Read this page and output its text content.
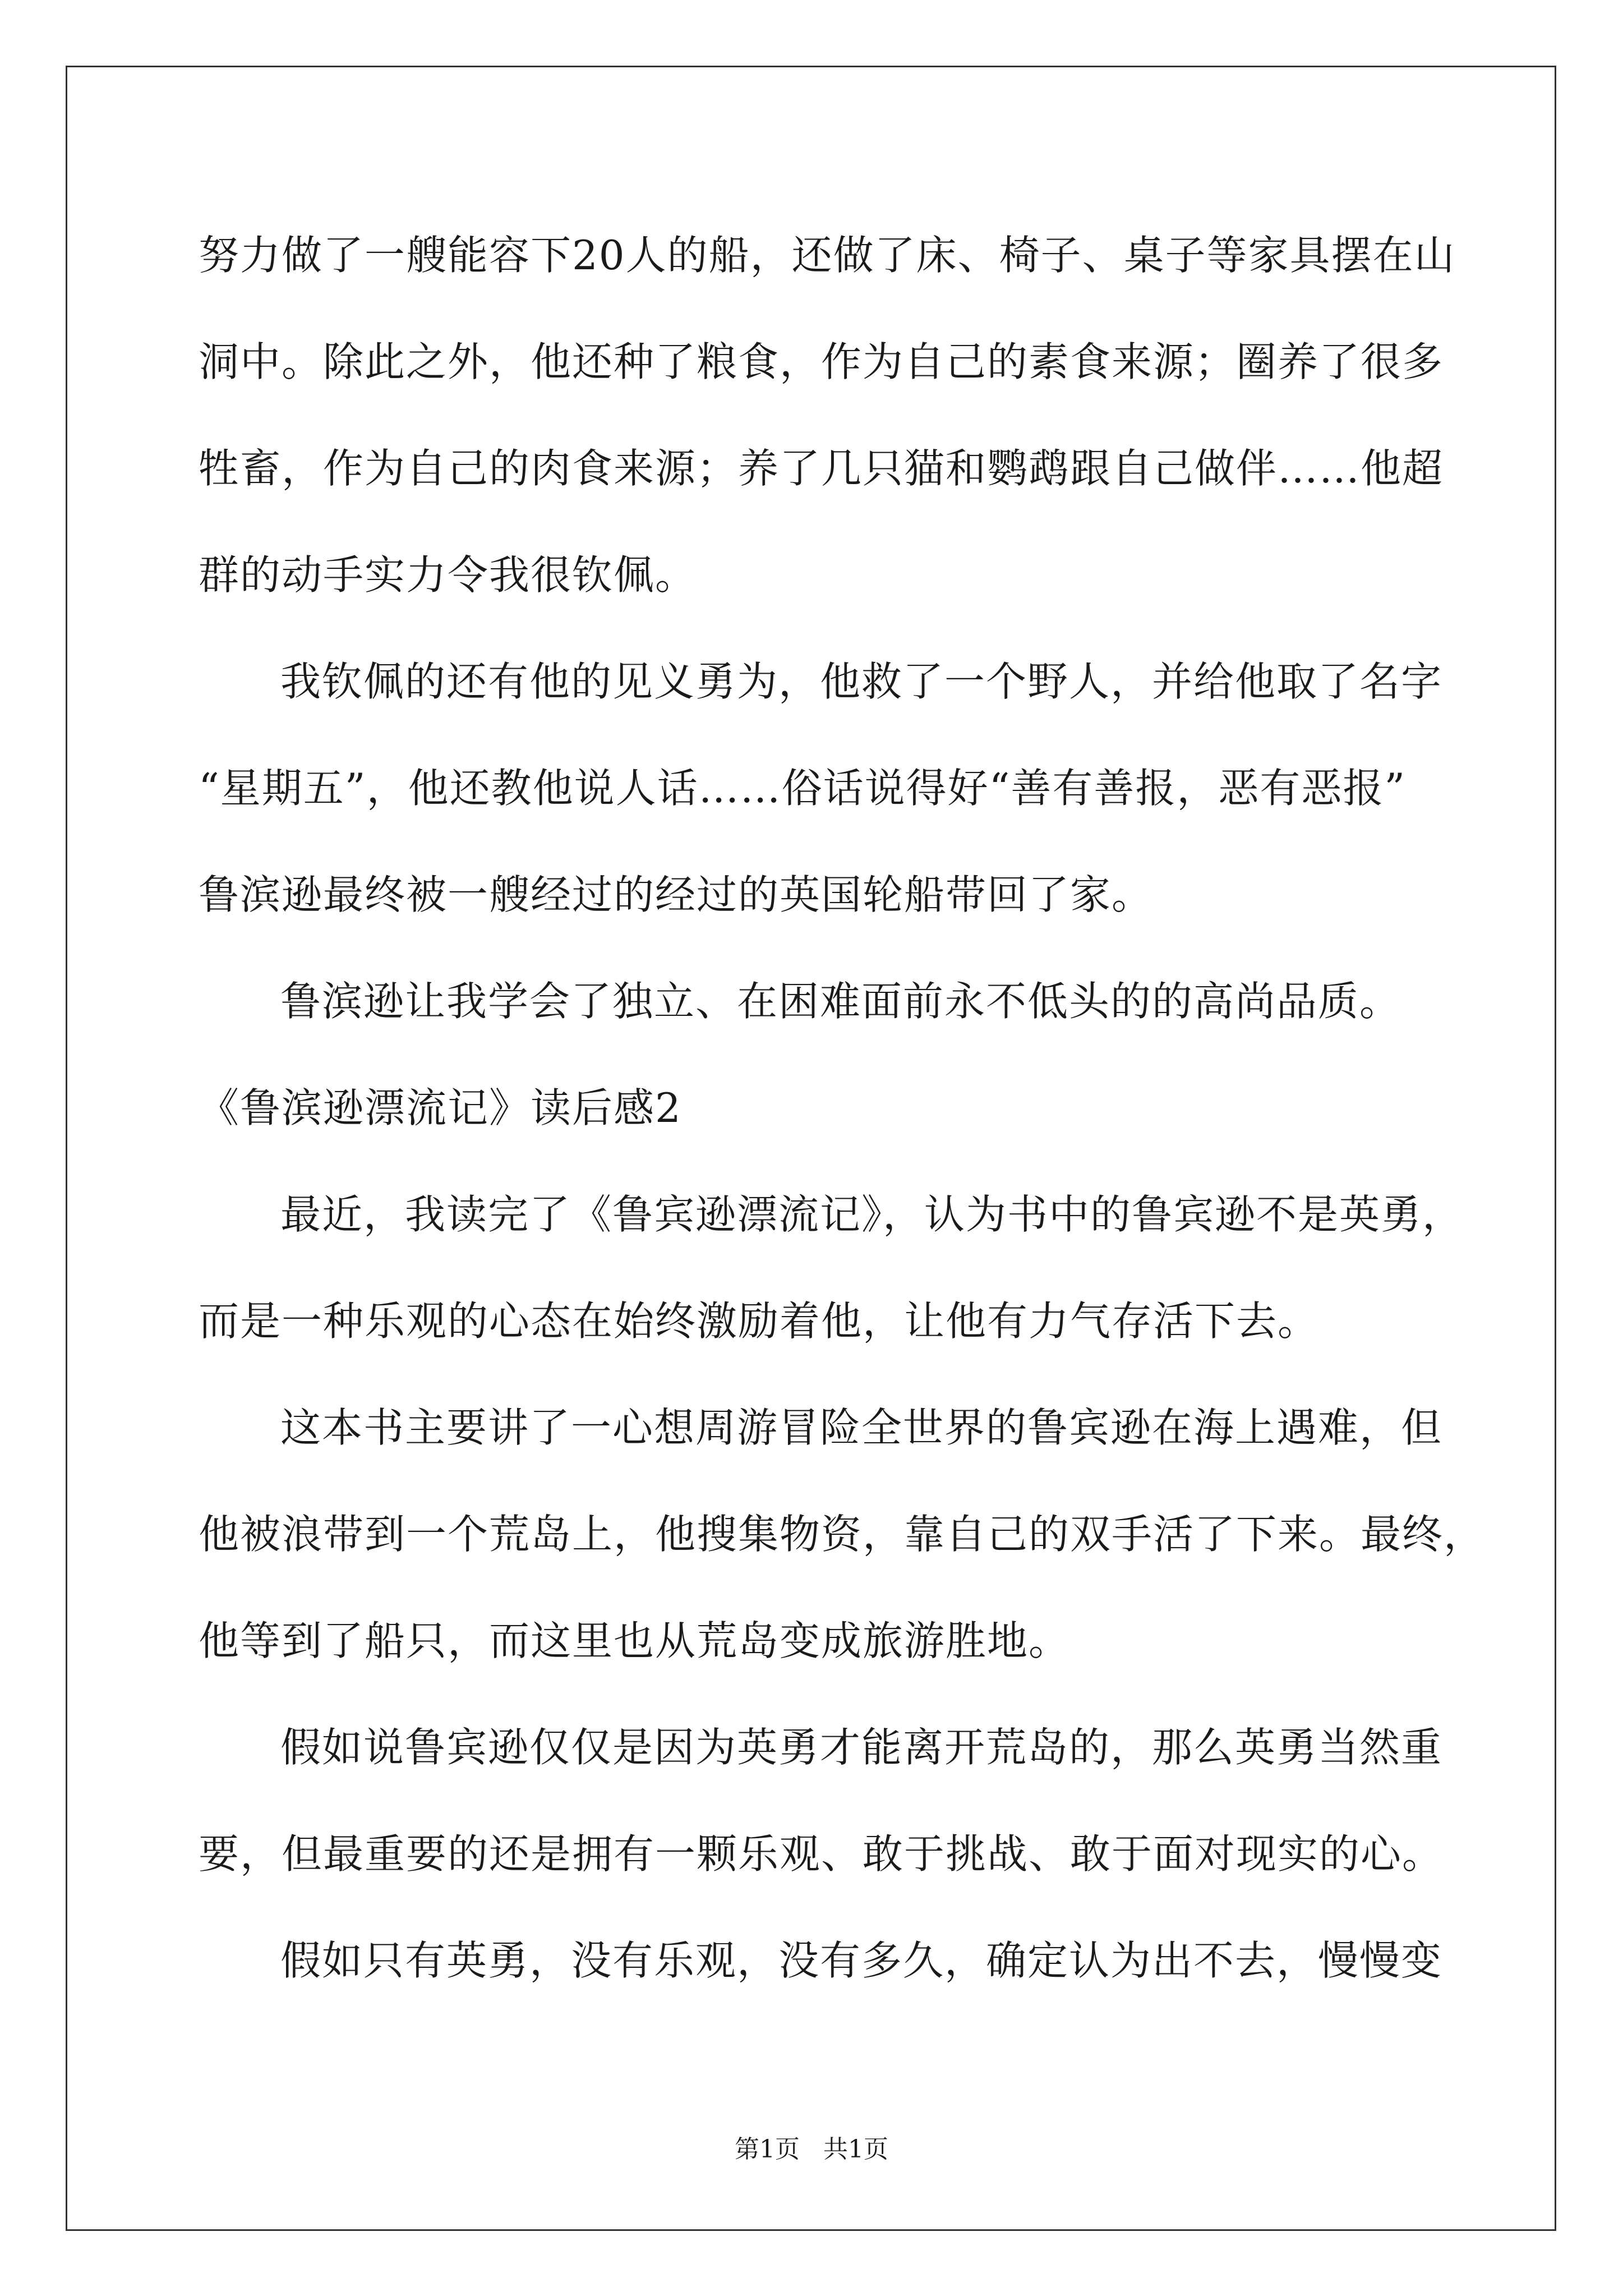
努力做了一艘能容下20人的船，还做了床、椅子、桌子等家具摆在山
洞中。除此之外，他还种了粮食，作为自己的素食来源；圈养了很多
牲畜，作为自己的肉食来源；养了几只猫和鹦鹉跟自己做伴……他超
群的动手实力令我很钦佩。
我钦佩的还有他的见义勇为，他救了一个野人，并给他取了名字
“星期五”，他还教他说人话……俗话说得好“善有善报，恶有恶报”
鲁滨逊最终被一艘经过的经过的英国轮船带回了家。
鲁滨逊让我学会了独立、在困难面前永不低头的的高尚品质。
《鲁滨逊漂流记》读后感2
最近，我读完了《鲁宾逊漂流记》，认为书中的鲁宾逊不是英勇，
而是一种乐观的心态在始终激励着他，让他有力气存活下去。
这本书主要讲了一心想周游冒险全世界的鲁宾逊在海上遇难，但
他被浪带到一个荒岛上，他搜集物资，靠自己的双手活了下来。最终，
他等到了船只，而这里也从荒岛变成旅游胜地。
假如说鲁宾逊仅仅是因为英勇才能离开荒岛的，那么英勇当然重
要，但最重要的还是拥有一颗乐观、敢于挑战、敢于面对现实的心。
假如只有英勇，没有乐观，没有多久，确定认为出不去，慢慢变
第1页   共1页
